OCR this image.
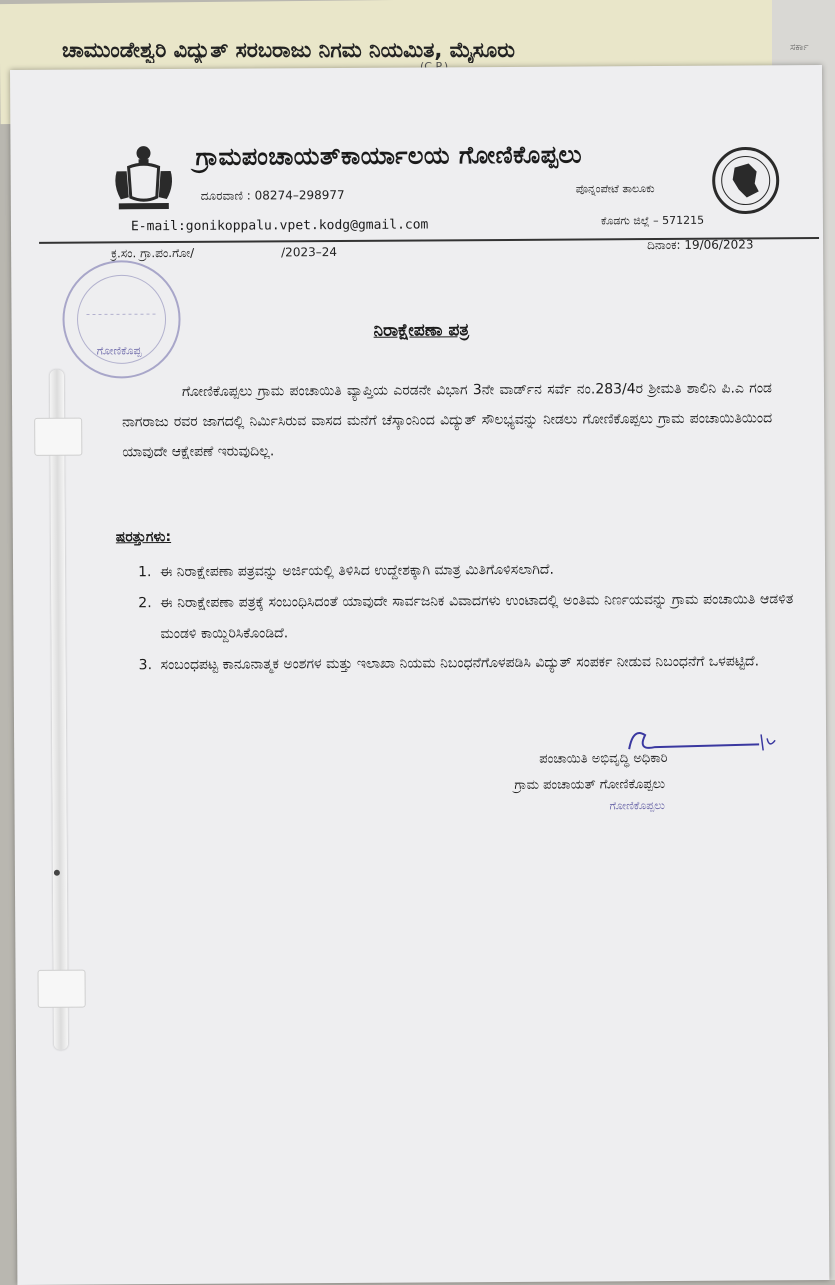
ಚಾಮುಂಡೇಶ್ವರಿ ವಿದ್ಯುತ್ ಸರಬರಾಜು ನಿಗಮ ನಿಯಮಿತ, ಮೈಸೂರು	ಸರ್ಕಾ
ಗ್ರಾಮಪಂಚಾಯತ್‌ಕಾರ್ಯಾಲಯ ಗೋಣಿಕೊಪ್ಪಲು
ದೂರವಾಣಿ : 08274–298977	ಪೊನ್ನಂಪೇಟೆ ತಾಲೂಕು
E-mail:gonikoppalu.vpet.kodg@gmail.com	ಕೊಡಗು ಜಿಲ್ಲೆ – 571215
ಕ್ರ.ಸಂ. ಗ್ರಾ.ಪಂ.ಗೋ/	/2023–24
ದಿನಾಂಕ: 19/06/2023
ಗೋಣಿಕೊಪ್ಪ
ನಿರಾಕ್ಷೇಪಣಾ ಪತ್ರ
ಗೋಣಿಕೊಪ್ಪಲು ಗ್ರಾಮ ಪಂಚಾಯಿತಿ ವ್ಯಾಪ್ತಿಯ ಎರಡನೇ ವಿಭಾಗ 3ನೇ ವಾರ್ಡ್‌ನ ಸರ್ವೆ ನಂ.283/4ರ ಶ್ರೀಮತಿ ಶಾಲಿನಿ ಪಿ.ಎ ಗಂಡ ನಾಗರಾಜು ರವರ ಜಾಗದಲ್ಲಿ ನಿರ್ಮಿಸಿರುವ ವಾಸದ ಮನೆಗೆ ಚೆಸ್ಕಾಂನಿಂದ ವಿದ್ಯುತ್ ಸೌಲಭ್ಯವನ್ನು ನೀಡಲು ಗೋಣಿಕೊಪ್ಪಲು ಗ್ರಾಮ ಪಂಚಾಯಿತಿಯಿಂದ ಯಾವುದೇ ಆಕ್ಷೇಪಣೆ ಇರುವುದಿಲ್ಲ.
ಷರತ್ತುಗಳು:
1. ಈ ನಿರಾಕ್ಷೇಪಣಾ ಪತ್ರವನ್ನು ಅರ್ಜಿಯಲ್ಲಿ ತಿಳಿಸಿದ ಉದ್ದೇಶಕ್ಕಾಗಿ ಮಾತ್ರ ಮಿತಿಗೊಳಿಸಲಾಗಿದೆ.
2. ಈ ನಿರಾಕ್ಷೇಪಣಾ ಪತ್ರಕ್ಕೆ ಸಂಬಂಧಿಸಿದಂತೆ ಯಾವುದೇ ಸಾರ್ವಜನಿಕ ವಿವಾದಗಳು ಉಂಟಾದಲ್ಲಿ ಅಂತಿಮ ನಿರ್ಣಯವನ್ನು ಗ್ರಾಮ ಪಂಚಾಯಿತಿ ಆಡಳಿತ ಮಂಡಳಿ ಕಾಯ್ದಿರಿಸಿಕೊಂಡಿದೆ.
3. ಸಂಬಂಧಪಟ್ಟ ಕಾನೂನಾತ್ಮಕ ಅಂಶಗಳ ಮತ್ತು ಇಲಾಖಾ ನಿಯಮ ನಿಬಂಧನೆಗೊಳಪಡಿಸಿ ವಿದ್ಯುತ್ ಸಂಪರ್ಕ ನೀಡುವ ನಿಬಂಧನೆಗೆ ಒಳಪಟ್ಟಿದೆ.
ಪಂಚಾಯಿತಿ ಅಭಿವೃದ್ಧಿ ಅಧಿಕಾರಿ
ಗ್ರಾಮ ಪಂಚಾಯತ್ ಗೋಣಿಕೊಪ್ಪಲು
ಗೋಣಿಕೊಪ್ಪಲು
